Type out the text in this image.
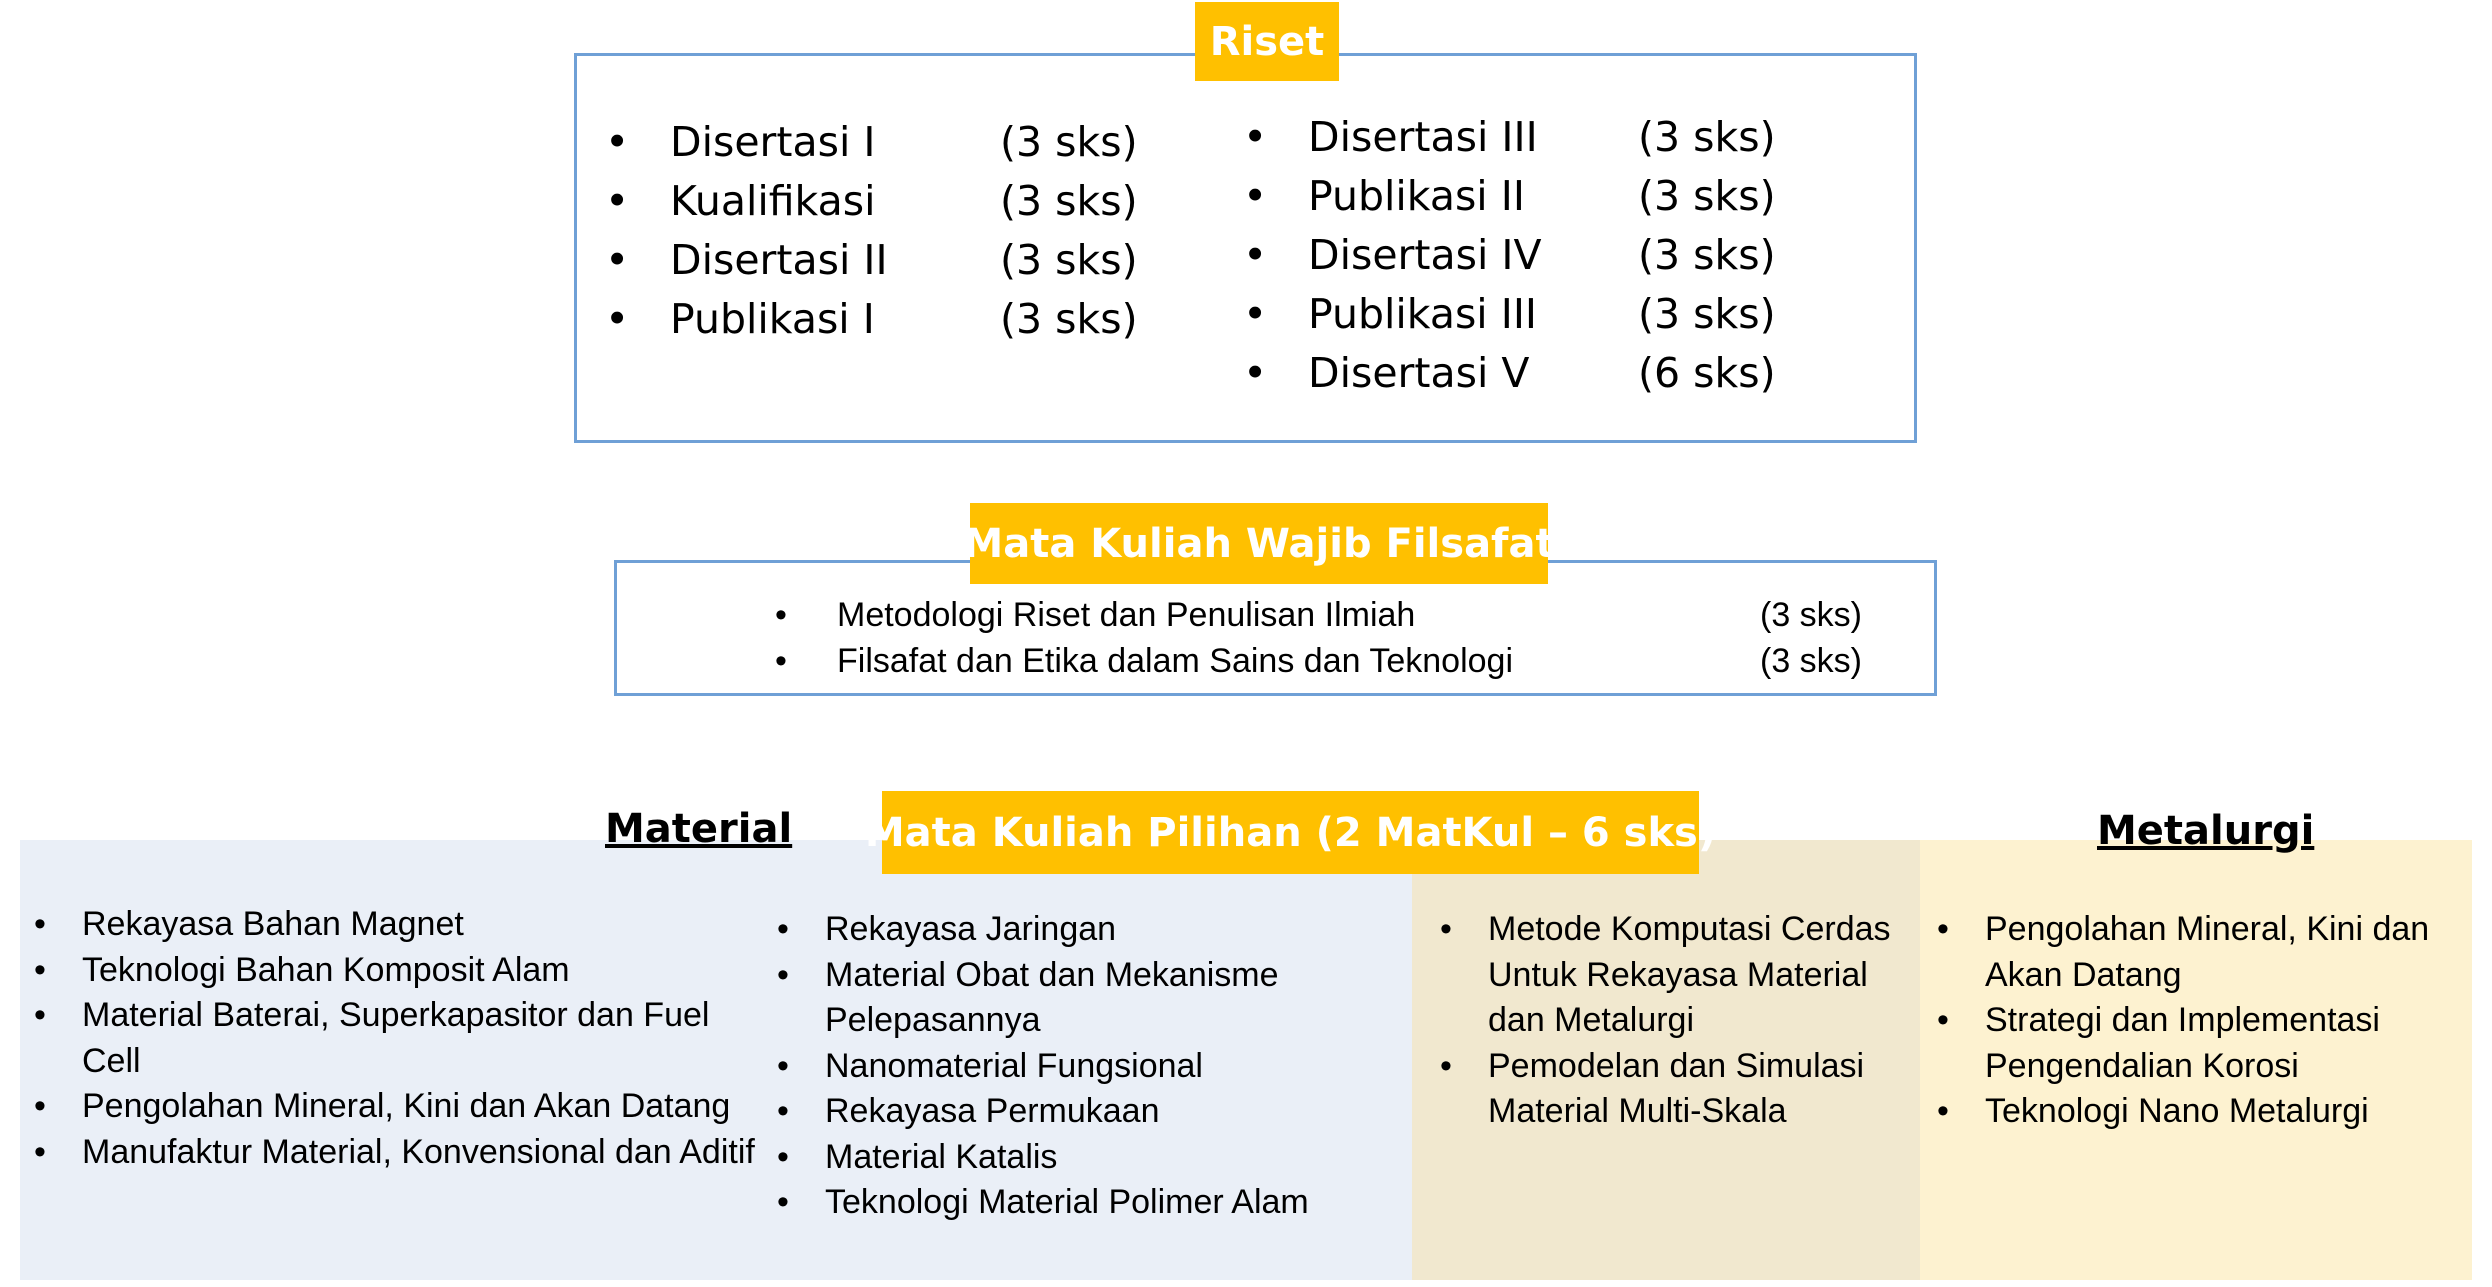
Riset
Disertasi I	(3 sks)
Kualifikasi	(3 sks)
Disertasi II	(3 sks)
Publikasi I	(3 sks)
Disertasi III (3 sks)
Publikasi II	(3 sks)
Disertasi IV (3 sks)
Publikasi III (3 sks)
Disertasi V	(6 sks)
Mata Kuliah Wajib Filsafat
Metodologi Riset dan Penulisan Ilmiah	(3 sks)
Filsafat dan Etika dalam Sains dan Teknologi	(3 sks)
Mata Kuliah Pilihan (2 MatKul – 6 sks)
Material	Metalurgi
• Rekayasa Bahan Magnet
• Teknologi Bahan Komposit Alam
• Material Baterai, Superkapasitor dan Fuel Cell
• Pengolahan Mineral, Kini dan Akan Datang
• Manufaktur Material, Konvensional dan Aditif
• Rekayasa Jaringan
• Material Obat dan Mekanisme Pelepasannya
• Nanomaterial Fungsional
• Rekayasa Permukaan
• Material Katalis
• Teknologi Material Polimer Alam
• Metode Komputasi Cerdas Untuk Rekayasa Material dan Metalurgi
• Pemodelan dan Simulasi Material Multi-Skala
• Pengolahan Mineral, Kini dan Akan Datang
• Strategi dan Implementasi Pengendalian Korosi
• Teknologi Nano Metalurgi
